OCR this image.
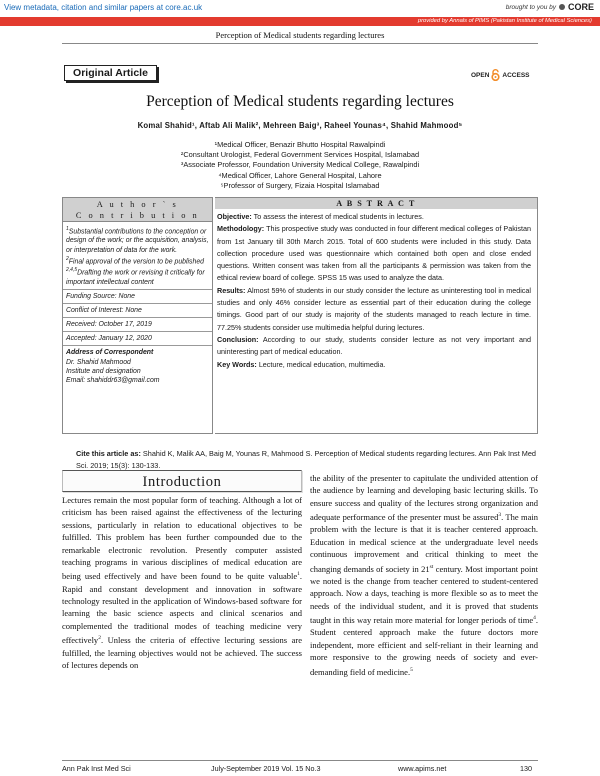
View metadata, citation and similar papers at core.ac.uk	brought to you by CORE
provided by Annals of PIMS (Pakistan Institute of Medical Sciences)
Perception of Medical students regarding lectures
Original Article	OPEN ACCESS
Perception of Medical students regarding lectures
Komal Shahid¹, Aftab Ali Malik², Mehreen Baig³, Raheel Younas⁴, Shahid Mahmood⁵
¹Medical Officer, Benazir Bhutto Hospital Rawalpindi
²Consultant Urologist, Federal Government Services Hospital, Islamabad
³Associate Professor, Foundation University Medical College, Rawalpindi
⁴Medical Officer, Lahore General Hospital, Lahore
⁵Professor of Surgery, Fizaia Hospital Islamabad
A u t h o r ` s
C o n t r i b u t i o n
$^1$Substantial contributions to the conception or design of the work; or the acquisition, analysis, or interpretation of data for the work.
$^2$Final approval of the version to be published
$^{2,4,5}$Drafting the work or revising it critically for important intellectual content
Funding Source: None
Conflict of Interest: None
Received: October 17, 2019
Accepted: January 12, 2020
Address of Correspondent
Dr. Shahid Mahmood
Institute and designation
Email: shahiddr63@gmail.com
A B S T R A C T

Objective: To assess the interest of medical students in lectures.

Methodology: This prospective study was conducted in four different medical colleges of Pakistan from 1st January till 30th March 2015. Total of 600 students were included in this study. Data collection procedure used was questionnaire which contained both open and close ended questions. Written consent was taken from all the participants & permission was taken from the ethical review board of college. SPSS 15 was used to analyze the data.

Results: Almost 59% of students in our study consider the lecture as uninteresting tool in medical studies and only 46% consider lecture as essential part of their education during the college timings. Good part of our study is majority of the students managed to reach lecture in time. 77.25% students consider use multimedia helpful during lectures.

Conclusion: According to our study, students consider lecture as not very important and uninteresting part of medical education.

Key Words: Lecture, medical education, multimedia.

Cite this article as: Shahid K, Malik AA, Baig M, Younas R, Mahmood S. Perception of Medical students regarding lectures. Ann Pak Inst Med Sci. 2019; 15(3): 130-133.
Introduction
Lectures remain the most popular form of teaching. Although a lot of criticism has been raised against the effectiveness of the lecturing sessions, particularly in relation to educational objectives to be fulfilled. This problem has been further compounded due to the remarkable electronic revolution. Presently computer assisted teaching programs in various disciplines of medical education are being used effectively and have been found to be quite valuable$^1$. Rapid and constant development and innovation in software technology resulted in the application of Windows-based software for learning the basic science aspects and clinical scenarios and complemented the traditional modes of teaching medicine very effectively$^2$. Unless the criteria of effective lecturing sessions are fulfilled, the learning objectives would not be achieved. The success of lectures depends on
the ability of the presenter to capitulate the undivided attention of the audience by learning and developing basic lecturing skills. To ensure success and quality of the lectures strong organization and adequate performance of the presenter must be assured$^3$. The main problem with the lecture is that it is teacher centered approach. Education in medical science at the undergraduate level needs continuous improvement and critical thinking to meet the changing demands of society in 21st century. Most important point we noted is the change from teacher centered to student-centered approach. Now a days, teaching is more flexible so as to meet the needs of the individual student, and it is proved that students taught in this way retain more material for longer periods of time$^4$. Student centered approach make the future doctors more independent, more efficient and self-reliant in their learning and more responsive to the growing needs of society and ever-demanding field of medicine.$^5$
Ann Pak Inst Med Sci	July-September 2019 Vol. 15 No.3	www.apims.net	130
